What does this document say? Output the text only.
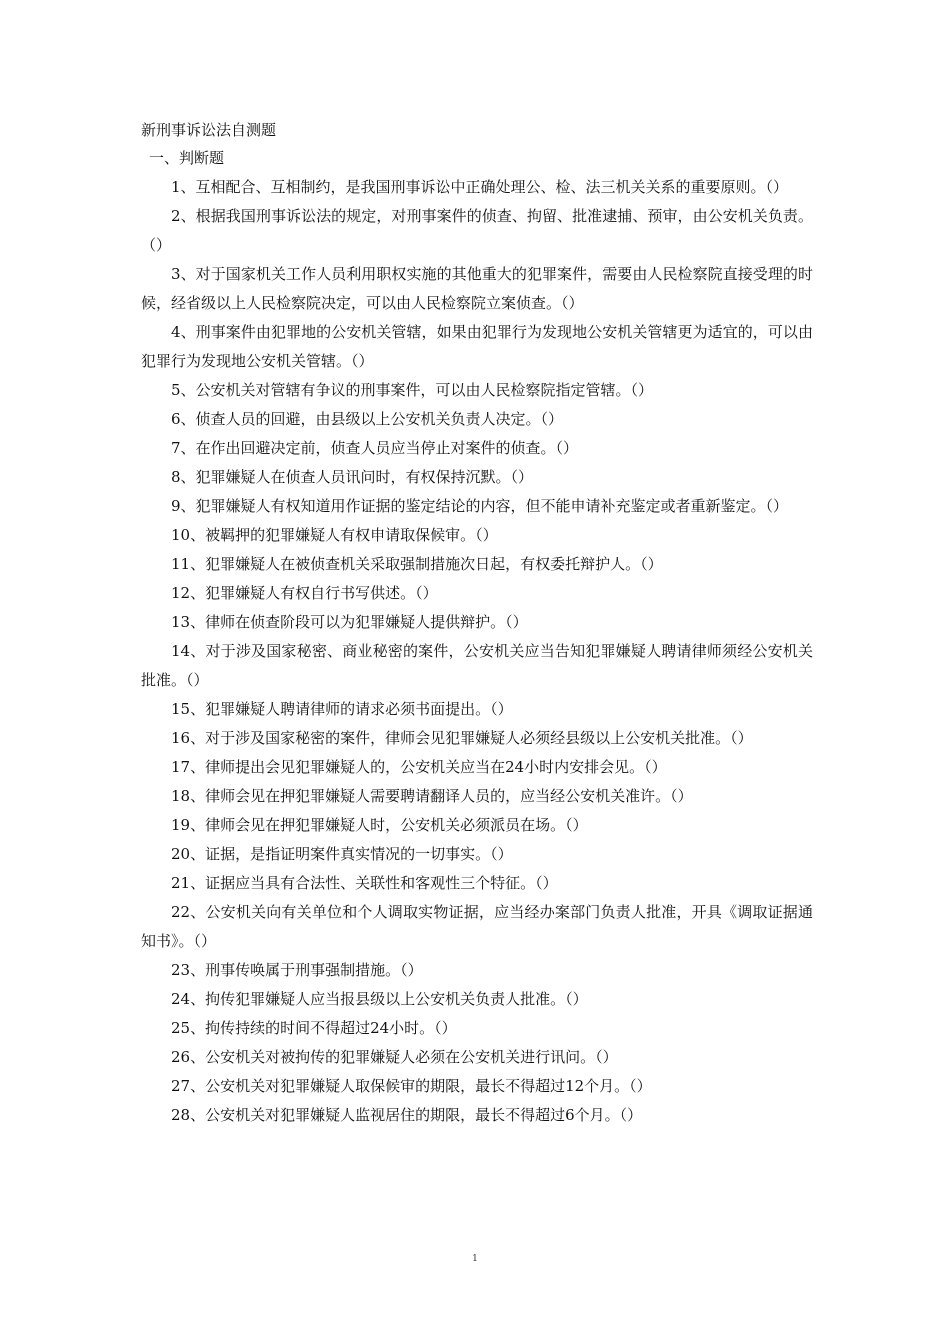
新刑事诉讼法自测题

一、判断题

1、互相配合、互相制约，是我国刑事诉讼中正确处理公、检、法三机关关系的重要原则。（）
2、根据我国刑事诉讼法的规定，对刑事案件的侦查、拘留、批准逮捕、预审，由公安机关负责。（）
3、对于国家机关工作人员利用职权实施的其他重大的犯罪案件，需要由人民检察院直接受理的时候，经省级以上人民检察院决定，可以由人民检察院立案侦查。（）
4、刑事案件由犯罪地的公安机关管辖，如果由犯罪行为发现地公安机关管辖更为适宜的，可以由犯罪行为发现地公安机关管辖。（）
5、公安机关对管辖有争议的刑事案件，可以由人民检察院指定管辖。（）
6、侦查人员的回避，由县级以上公安机关负责人决定。（）
7、在作出回避决定前，侦查人员应当停止对案件的侦查。（）
8、犯罪嫌疑人在侦查人员讯问时，有权保持沉默。（）
9、犯罪嫌疑人有权知道用作证据的鉴定结论的内容，但不能申请补充鉴定或者重新鉴定。（）
10、被羁押的犯罪嫌疑人有权申请取保候审。（）
11、犯罪嫌疑人在被侦查机关采取强制措施次日起，有权委托辩护人。（）
12、犯罪嫌疑人有权自行书写供述。（）
13、律师在侦查阶段可以为犯罪嫌疑人提供辩护。（）
14、对于涉及国家秘密、商业秘密的案件，公安机关应当告知犯罪嫌疑人聘请律师须经公安机关批准。（）
15、犯罪嫌疑人聘请律师的请求必须书面提出。（）
16、对于涉及国家秘密的案件，律师会见犯罪嫌疑人必须经县级以上公安机关批准。（）
17、律师提出会见犯罪嫌疑人的，公安机关应当在24小时内安排会见。（）
18、律师会见在押犯罪嫌疑人需要聘请翻译人员的，应当经公安机关准许。（）
19、律师会见在押犯罪嫌疑人时，公安机关必须派员在场。（）
20、证据，是指证明案件真实情况的一切事实。（）
21、证据应当具有合法性、关联性和客观性三个特征。（）
22、公安机关向有关单位和个人调取实物证据，应当经办案部门负责人批准，开具《调取证据通知书》。（）
23、刑事传唤属于刑事强制措施。（）
24、拘传犯罪嫌疑人应当报县级以上公安机关负责人批准。（）
25、拘传持续的时间不得超过24小时。（）
26、公安机关对被拘传的犯罪嫌疑人必须在公安机关进行讯问。（）
27、公安机关对犯罪嫌疑人取保候审的期限，最长不得超过12个月。（）
28、公安机关对犯罪嫌疑人监视居住的期限，最长不得超过6个月。（）
1
